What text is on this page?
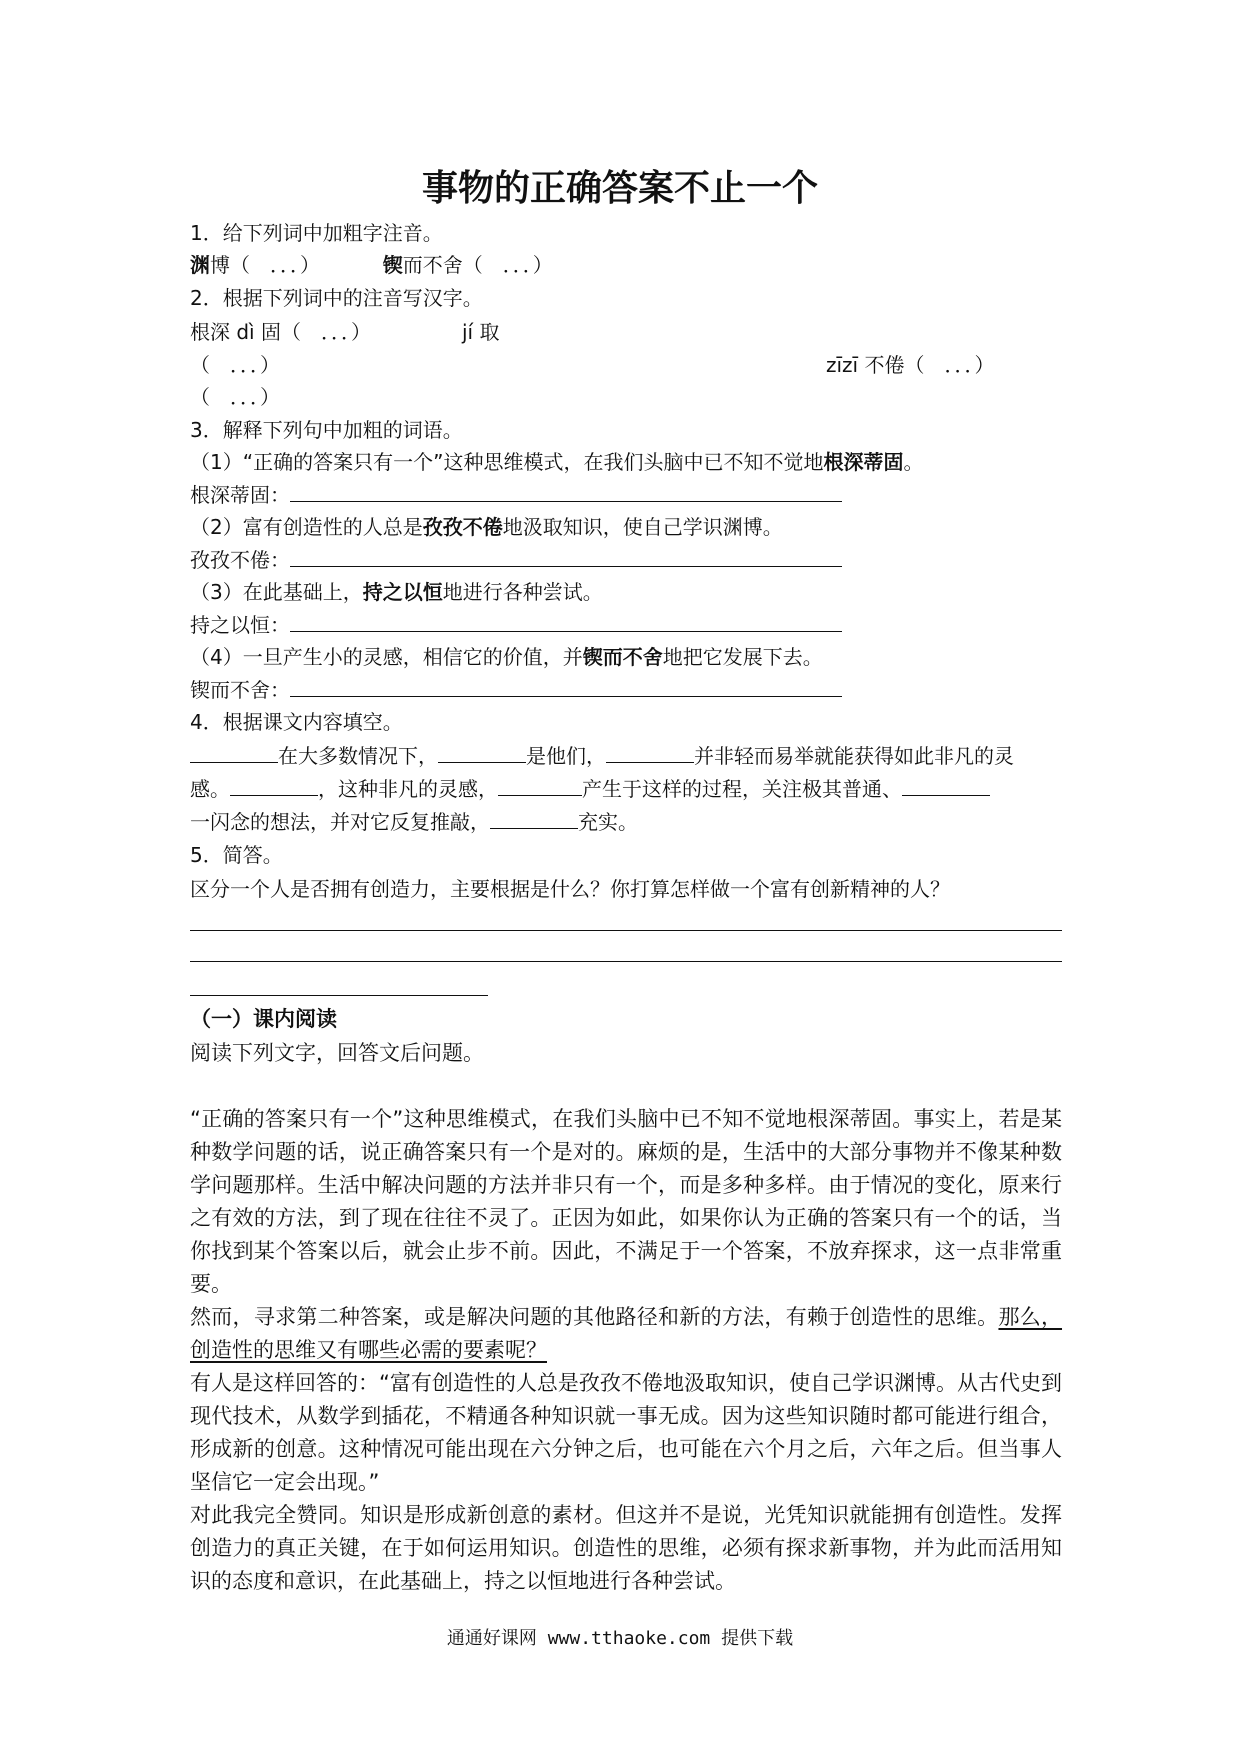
事物的正确答案不止一个
1．给下列词中加粗字注音。
渊博（　．．．）	锲而不舍（　．．．）
2．根据下列词中的注音写汉字。
根深 dì 固（　．．．）	jí 取
（　．．．）	zīzī 不倦（　．．．）
（　．．．）
3．解释下列句中加粗的词语。
（1）“正确的答案只有一个”这种思维模式，在我们头脑中已不知不觉地根深蒂固。
根深蒂固：
（2）富有创造性的人总是孜孜不倦地汲取知识，使自己学识渊博。
孜孜不倦：
（3）在此基础上，持之以恒地进行各种尝试。
持之以恒：
（4）一旦产生小的灵感，相信它的价值，并锲而不舍地把它发展下去。
锲而不舍：
4．根据课文内容填空。
在大多数情况下，	是他们，	并非轻而易举就能获得如此非凡的灵
感。	，这种非凡的灵感，	产生于这样的过程，关注极其普通、
一闪念的想法，并对它反复推敲，	充实。
5．简答。
区分一个人是否拥有创造力，主要根据是什么？你打算怎样做一个富有创新精神的人？
（一）课内阅读
阅读下列文字，回答文后问题。
“正确的答案只有一个”这种思维模式，在我们头脑中已不知不觉地根深蒂固。事实上，若是某种数学问题的话，说正确答案只有一个是对的。麻烦的是，生活中的大部分事物并不像某种数学问题那样。生活中解决问题的方法并非只有一个，而是多种多样。由于情况的变化，原来行之有效的方法，到了现在往往不灵了。正因为如此，如果你认为正确的答案只有一个的话，当你找到某个答案以后，就会止步不前。因此，不满足于一个答案，不放弃探求，这一点非常重要。
然而，寻求第二种答案，或是解决问题的其他路径和新的方法，有赖于创造性的思维。那么，创造性的思维又有哪些必需的要素呢？
有人是这样回答的：“富有创造性的人总是孜孜不倦地汲取知识，使自己学识渊博。从古代史到现代技术，从数学到插花，不精通各种知识就一事无成。因为这些知识随时都可能进行组合，形成新的创意。这种情况可能出现在六分钟之后，也可能在六个月之后，六年之后。但当事人坚信它一定会出现。”
对此我完全赞同。知识是形成新创意的素材。但这并不是说，光凭知识就能拥有创造性。发挥创造力的真正关键，在于如何运用知识。创造性的思维，必须有探求新事物，并为此而活用知识的态度和意识，在此基础上，持之以恒地进行各种尝试。
通通好课网 www.tthaoke.com 提供下载
